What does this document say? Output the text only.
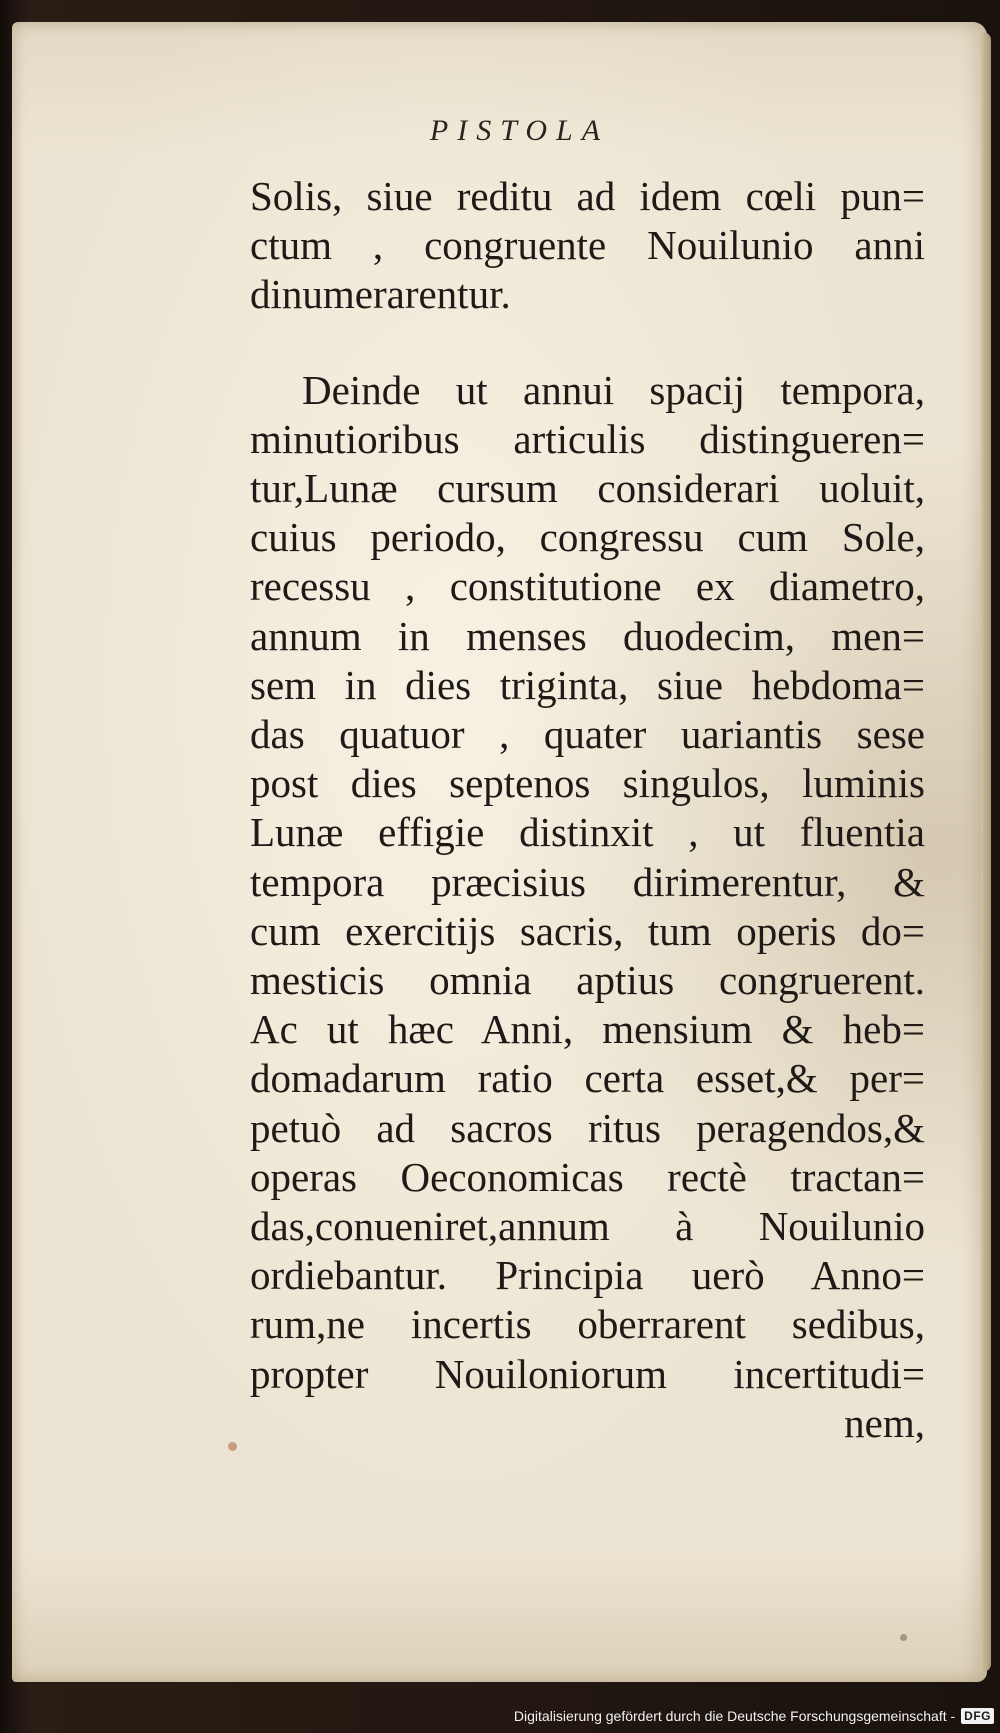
PISTOLA
Solis, siue reditu ad idem cœli pun=
ctum , congruente Nouilunio anni
dinumerarentur.
Deinde ut annui spacij tempora,
minutioribus articulis distingueren=
tur,Lunæ cursum considerari uoluit,
cuius periodo, congressu cum Sole,
recessu , constitutione ex diametro,
annum in menses duodecim, men=
sem in dies triginta, siue hebdoma=
das quatuor , quater uariantis sese
post dies septenos singulos, luminis
Lunæ effigie distinxit , ut fluentia
tempora præcisius dirimerentur, &
cum exercitijs sacris, tum operis do=
mesticis omnia aptius congruerent.
Ac ut hæc Anni, mensium & heb=
domadarum ratio certa esset,& per=
petuò ad sacros ritus peragendos,&
operas Oeconomicas rectè tractan=
das,conueniret,annum à Nouilunio
ordiebantur. Principia uerò Anno=
rum,ne incertis oberrarent sedibus,
propter Nouiloniorum incertitudi=
nem,
Digitalisierung gefördert durch die Deutsche Forschungsgemeinschaft - DFG
